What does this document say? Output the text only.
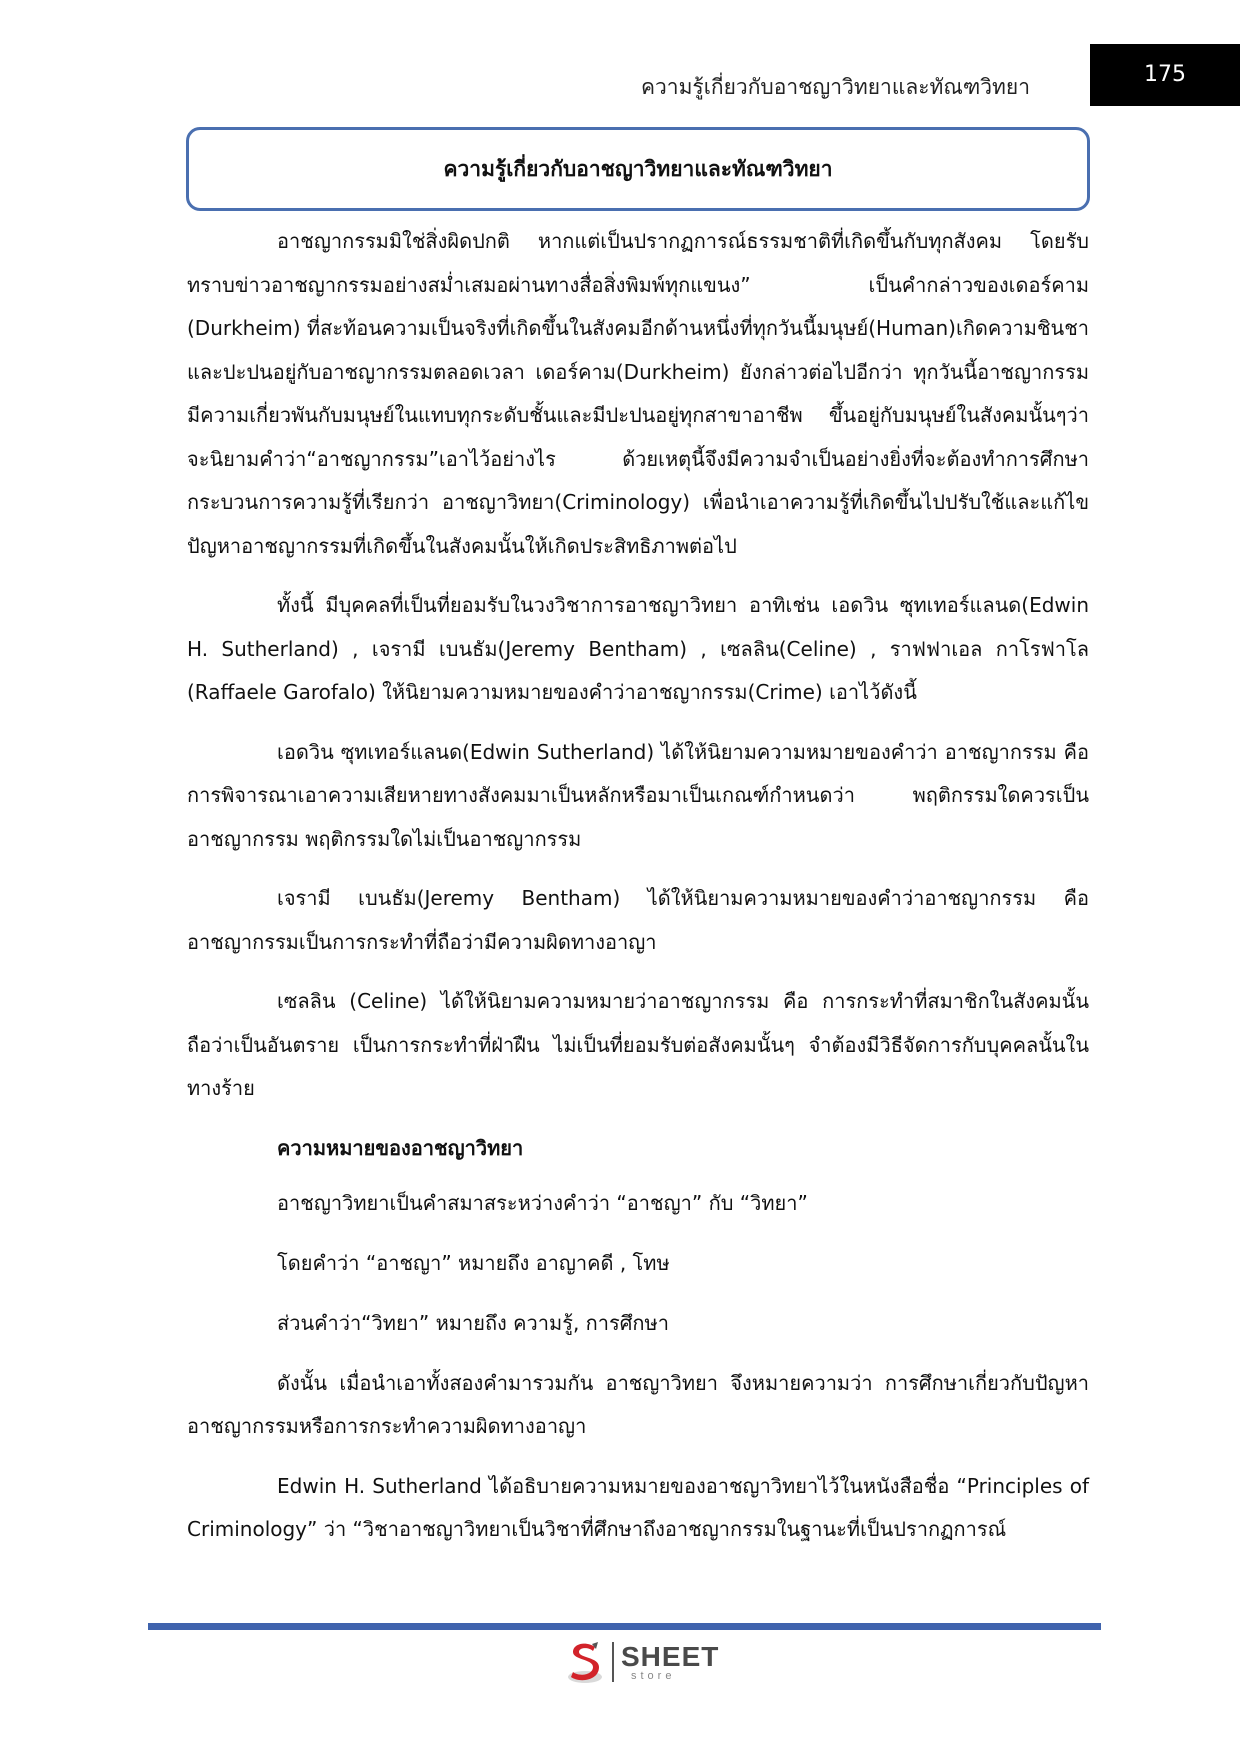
ความรู้เกี่ยวกับอาชญาวิทยาและทัณฑวิทยา	175
ความรู้เกี่ยวกับอาชญาวิทยาและทัณฑวิทยา

อาชญากรรมมิใช่สิ่งผิดปกติ หากแต่เป็นปรากฏการณ์ธรรมชาติที่เกิดขึ้นกับทุกสังคม โดยรับทราบข่าวอาชญากรรมอย่างสม่ำเสมอผ่านทางสื่อสิ่งพิมพ์ทุกแขนง” เป็นคำกล่าวของเดอร์คาม (Durkheim) ที่สะท้อนความเป็นจริงที่เกิดขึ้นในสังคมอีกด้านหนึ่งที่ทุกวันนี้มนุษย์(Human)เกิดความชินชาและปะปนอยู่กับอาชญากรรมตลอดเวลา เดอร์คาม(Durkheim) ยังกล่าวต่อไปอีกว่า ทุกวันนี้อาชญากรรมมีความเกี่ยวพันกับมนุษย์ในแทบทุกระดับชั้นและมีปะปนอยู่ทุกสาขาอาชีพ ขึ้นอยู่กับมนุษย์ในสังคมนั้นๆว่าจะนิยามคำว่า“อาชญากรรม”เอาไว้อย่างไร ด้วยเหตุนี้จึงมีความจำเป็นอย่างยิ่งที่จะต้องทำการศึกษากระบวนการความรู้ที่เรียกว่า อาชญาวิทยา(Criminology) เพื่อนำเอาความรู้ที่เกิดขึ้นไปปรับใช้และแก้ไขปัญหาอาชญากรรมที่เกิดขึ้นในสังคมนั้นให้เกิดประสิทธิภาพต่อไป

ทั้งนี้ มีบุคคลที่เป็นที่ยอมรับในวงวิชาการอาชญาวิทยา อาทิเช่น เอดวิน ซุทเทอร์แลนด(Edwin H. Sutherland) , เจรามี เบนธัม(Jeremy Bentham) , เซลลิน(Celine) , ราฟฟาเอล กาโรฟาโล (Raffaele Garofalo) ให้นิยามความหมายของคำว่าอาชญากรรม(Crime) เอาไว้ดังนี้

เอดวิน ซุทเทอร์แลนด(Edwin Sutherland) ได้ให้นิยามความหมายของคำว่า อาชญากรรม คือ การพิจารณาเอาความเสียหายทางสังคมมาเป็นหลักหรือมาเป็นเกณฑ์กำหนดว่า พฤติกรรมใดควรเป็นอาชญากรรม พฤติกรรมใดไม่เป็นอาชญากรรม

เจรามี เบนธัม(Jeremy Bentham) ได้ให้นิยามความหมายของคำว่าอาชญากรรม คือ อาชญากรรมเป็นการกระทำที่ถือว่ามีความผิดทางอาญา

เซลลิน (Celine) ได้ให้นิยามความหมายว่าอาชญากรรม คือ การกระทำที่สมาชิกในสังคมนั้นถือว่าเป็นอันตราย เป็นการกระทำที่ฝ่าฝืน ไม่เป็นที่ยอมรับต่อสังคมนั้นๆ จำต้องมีวิธีจัดการกับบุคคลนั้นในทางร้าย

ความหมายของอาชญาวิทยา

อาชญาวิทยาเป็นคำสมาสระหว่างคำว่า “อาชญา” กับ “วิทยา”

โดยคำว่า “อาชญา” หมายถึง อาญาคดี , โทษ

ส่วนคำว่า“วิทยา” หมายถึง ความรู้, การศึกษา

ดังนั้น เมื่อนำเอาทั้งสองคำมารวมกัน อาชญาวิทยา จึงหมายความว่า การศึกษาเกี่ยวกับปัญหาอาชญากรรมหรือการกระทำความผิดทางอาญา

Edwin H. Sutherland ได้อธิบายความหมายของอาชญาวิทยาไว้ในหนังสือชื่อ “Principles of Criminology” ว่า “วิชาอาชญาวิทยาเป็นวิชาที่ศึกษาถึงอาชญากรรมในฐานะที่เป็นปรากฏการณ์

SHEET
store
